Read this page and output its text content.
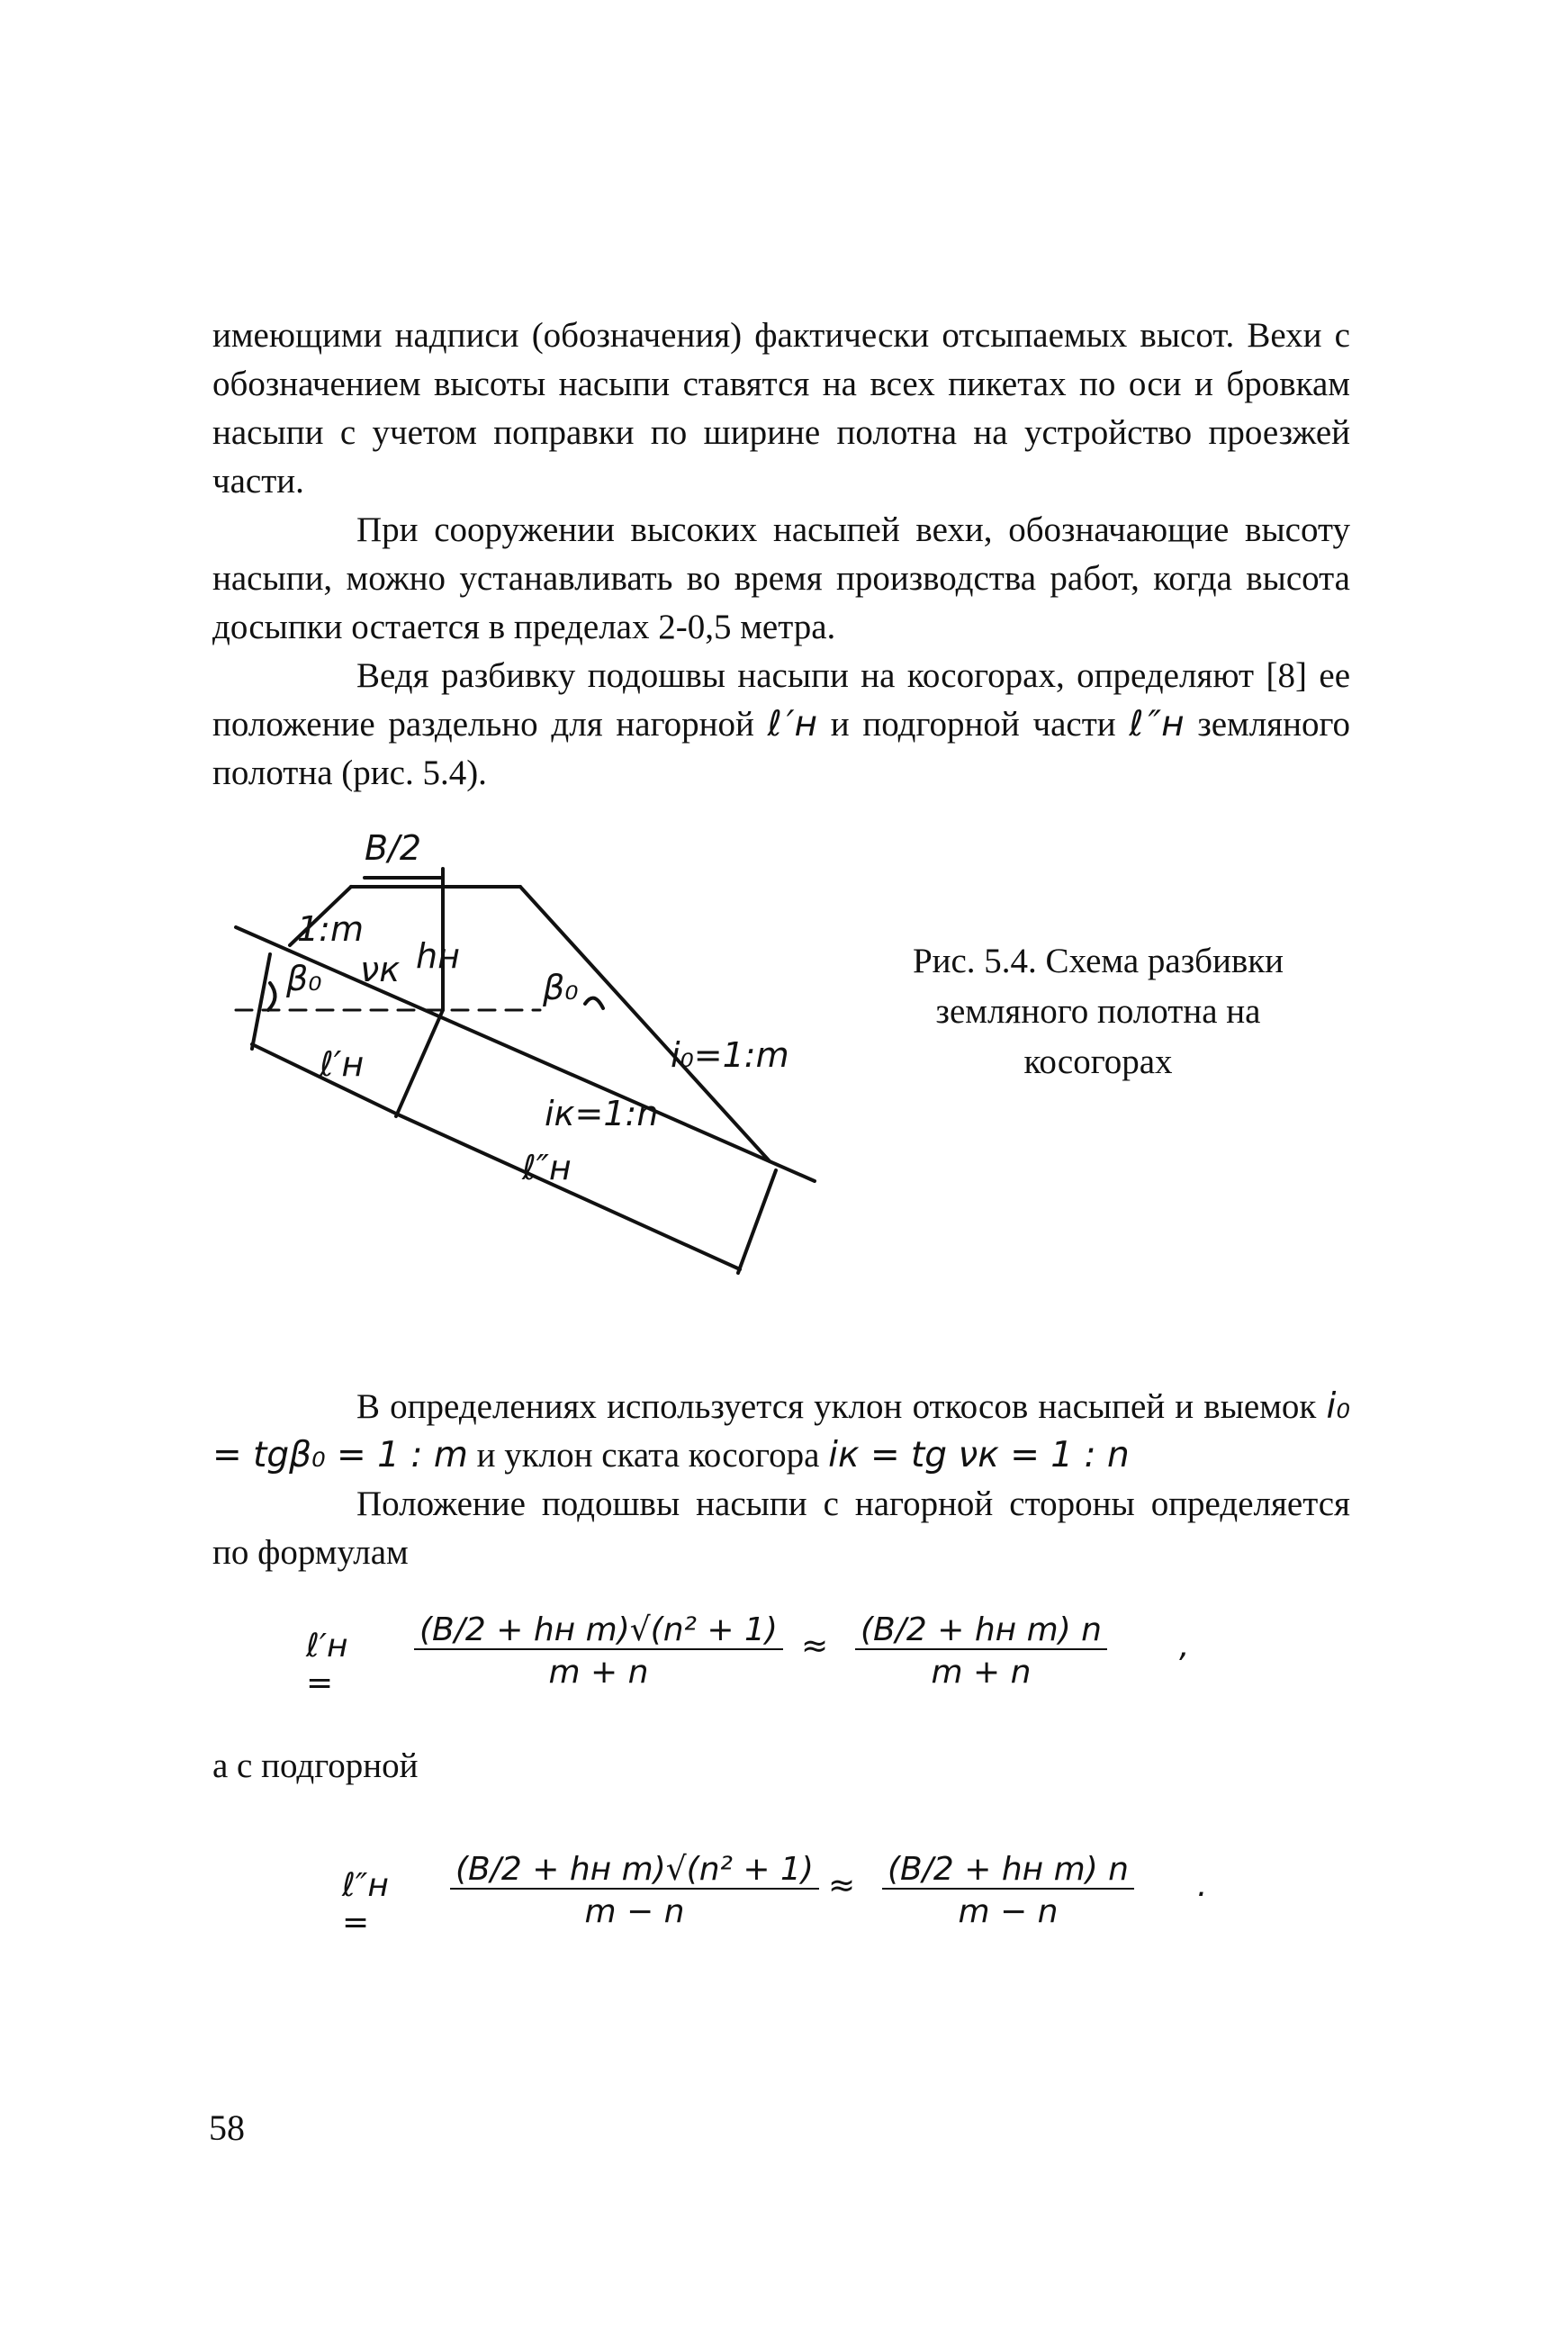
имеющими надписи (обозначения) фактически отсыпаемых высот. Вехи с обозначением высоты насыпи ставятся на всех пикетах по оси и бровкам насыпи с учетом поправки по ширине полотна на устройство проезжей части.

При сооружении высоких насыпей вехи, обозначающие высоту насыпи, можно устанавливать во время производства работ, когда высота досыпки остается в пределах 2-0,5 метра.

Ведя разбивку подошвы насыпи на косогорах, определяют [8] ее положение раздельно для нагорной ℓ′н и подгорной части ℓ″н земляного полотна (рис. 5.4).

B/2
1:m
hн
νк
β₀	β₀
ℓ′н
ℓ″н
iк=1:n
i₀=1:m
Рис. 5.4. Схема разбивки земляного полотна на косогорах

В определениях используется уклон откосов насыпей и выемок i₀ = tgβ₀ = 1 : m и уклон ската косогора iк = tg νк = 1 : n

Положение подошвы насыпи с нагорной стороны определяется по формулам

ℓ′н =
(B/2 + hн m)√(n² + 1)
m + n
≈ (B/2 + hн m) n
m + n
,

а с подгорной

ℓ″н =
(B/2 + hн m)√(n² + 1)
m − n
≈ (B/2 + hн m) n
m − n
.
58
